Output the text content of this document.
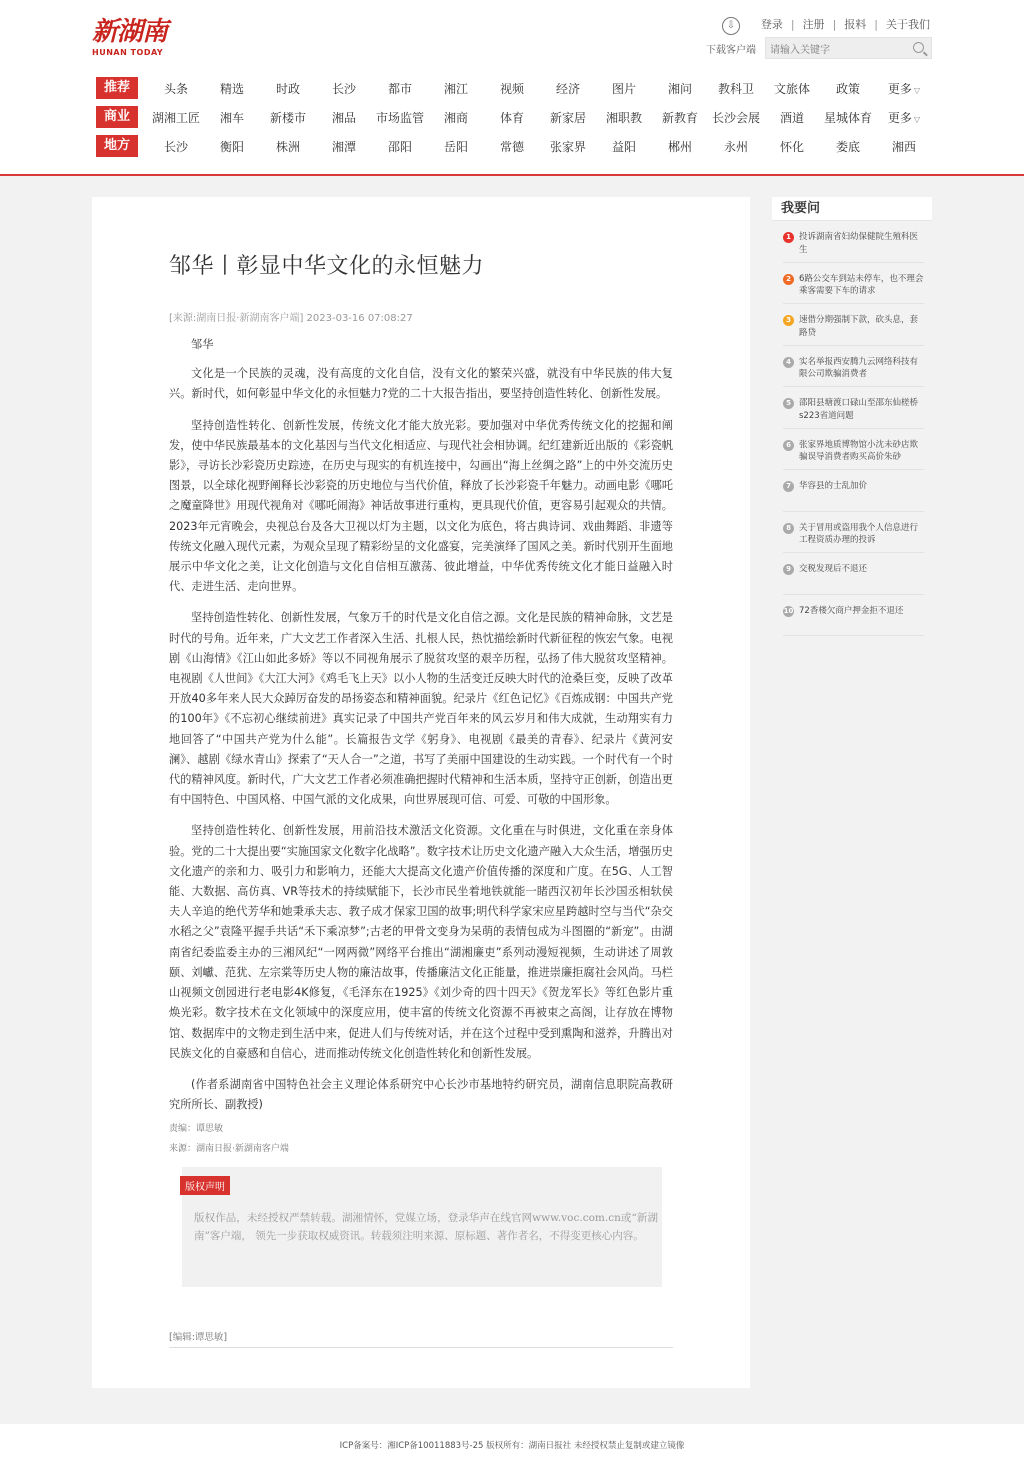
新湖南
HUNAN TODAY
⇩
下载客户端
登录 | 注册 | 报料 | 关于我们
请输入关键字
推荐	头条	精选	时政	长沙	都市	湘江	视频	经济	图片	湘问	教科卫	文旅体	政策	更多 ▽
商业	湖湘工匠	湘车	新楼市	湘品	市场监管	湘商	体育	新家居	湘职教	新教育	长沙会展	酒道	星城体育	更多 ▽
地方	长沙	衡阳	株洲	湘潭	邵阳	岳阳	常德	张家界	益阳	郴州	永州	怀化	娄底	湘西
邹华丨彰显中华文化的永恒魅力
[来源:湖南日报·新湖南客户端] 2023-03-16 07:08:27

邹华

文化是一个民族的灵魂，没有高度的文化自信，没有文化的繁荣兴盛，就没有中华民族的伟大复兴。新时代，如何彰显中华文化的永恒魅力?党的二十大报告指出，要坚持创造性转化、创新性发展。

坚持创造性转化、创新性发展，传统文化才能大放光彩。要加强对中华优秀传统文化的挖掘和阐发，使中华民族最基本的文化基因与当代文化相适应、与现代社会相协调。纪红建新近出版的《彩瓷帆影》，寻访长沙彩瓷历史踪迹，在历史与现实的有机连接中，勾画出“海上丝绸之路”上的中外交流历史图景，以全球化视野阐释长沙彩瓷的历史地位与当代价值，释放了长沙彩瓷千年魅力。动画电影《哪吒之魔童降世》用现代视角对《哪吒闹海》神话故事进行重构，更具现代价值，更容易引起观众的共情。2023年元宵晚会，央视总台及各大卫视以灯为主题，以文化为底色，将古典诗词、戏曲舞蹈、非遗等传统文化融入现代元素，为观众呈现了精彩纷呈的文化盛宴，完美演绎了国风之美。新时代别开生面地展示中华文化之美，让文化创造与文化自信相互激荡、彼此增益，中华优秀传统文化才能日益融入时代、走进生活、走向世界。

坚持创造性转化、创新性发展，气象万千的时代是文化自信之源。文化是民族的精神命脉，文艺是时代的号角。近年来，广大文艺工作者深入生活、扎根人民，热忱描绘新时代新征程的恢宏气象。电视剧《山海情》《江山如此多娇》等以不同视角展示了脱贫攻坚的艰辛历程，弘扬了伟大脱贫攻坚精神。电视剧《人世间》《大江大河》《鸡毛飞上天》以小人物的生活变迁反映大时代的沧桑巨变，反映了改革开放40多年来人民大众踔厉奋发的昂扬姿态和精神面貌。纪录片《红色记忆》《百炼成钢：中国共产党的100年》《不忘初心继续前进》真实记录了中国共产党百年来的风云岁月和伟大成就，生动翔实有力地回答了“中国共产党为什么能”。长篇报告文学《躬身》、电视剧《最美的青春》、纪录片《黄河安澜》、越剧《绿水青山》探索了“天人合一”之道，书写了美丽中国建设的生动实践。一个时代有一个时代的精神风度。新时代，广大文艺工作者必须准确把握时代精神和生活本质，坚持守正创新，创造出更有中国特色、中国风格、中国气派的文化成果，向世界展现可信、可爱、可敬的中国形象。

坚持创造性转化、创新性发展，用前沿技术激活文化资源。文化重在与时俱进，文化重在亲身体验。党的二十大提出要“实施国家文化数字化战略”。数字技术让历史文化遗产融入大众生活，增强历史文化遗产的亲和力、吸引力和影响力，还能大大提高文化遗产价值传播的深度和广度。在5G、人工智能、大数据、高仿真、VR等技术的持续赋能下，长沙市民坐着地铁就能一睹西汉初年长沙国丞相轪侯夫人辛追的绝代芳华和她秉承夫志、教子成才保家卫国的故事;明代科学家宋应星跨越时空与当代“杂交水稻之父”袁隆平握手共话“禾下乘凉梦”;古老的甲骨文变身为呆萌的表情包成为斗图圈的“新宠”。由湖南省纪委监委主办的三湘风纪“一网两微”网络平台推出“湖湘廉吏”系列动漫短视频，生动讲述了周敦颐、刘巘、范犹、左宗棠等历史人物的廉洁故事，传播廉洁文化正能量，推进崇廉拒腐社会风尚。马栏山视频文创园进行老电影4K修复，《毛泽东在1925》《刘少奇的四十四天》《贺龙军长》等红色影片重焕光彩。数字技术在文化领域中的深度应用，使丰富的传统文化资源不再被束之高阁，让存放在博物馆、数据库中的文物走到生活中来，促进人们与传统对话，并在这个过程中受到熏陶和滋养，升腾出对民族文化的自豪感和自信心，进而推动传统文化创造性转化和创新性发展。

(作者系湖南省中国特色社会主义理论体系研究中心长沙市基地特约研究员，湖南信息职院高教研究所所长、副教授)

责编：谭思敏
来源：湖南日报·新湖南客户端
版权声明
版权作品，未经授权严禁转载。湖湘情怀，党媒立场，登录华声在线官网www.voc.com.cn或“新湖南”客户端， 领先一步获取权威资讯。转载须注明来源、原标题、著作者名，不得变更核心内容。
[编辑:谭思敏]
我要问
1 投诉湖南省妇幼保健院生殖科医生
2 6路公交车到站未停车，也不理会乘客需要下车的请求
3 速借分期强制下款，砍头息，套路贷
4 实名举报西安腾九云网络科技有限公司欺骗消费者
5 邵阳县塘渡口碌山至邵东仙槎桥s223省道问题
6 张家界地质博物馆小沈未砂店欺骗误导消费者购买高价朱砂
7 华容县的士乱加价
8 关于冒用或盗用我个人信息进行工程资质办理的投诉
9 交税发现后不退还
10 72香楼欠商户押金拒不退还
ICP备案号：湘ICP备10011883号-25 版权所有：湖南日报社 未经授权禁止复制或建立镜像
